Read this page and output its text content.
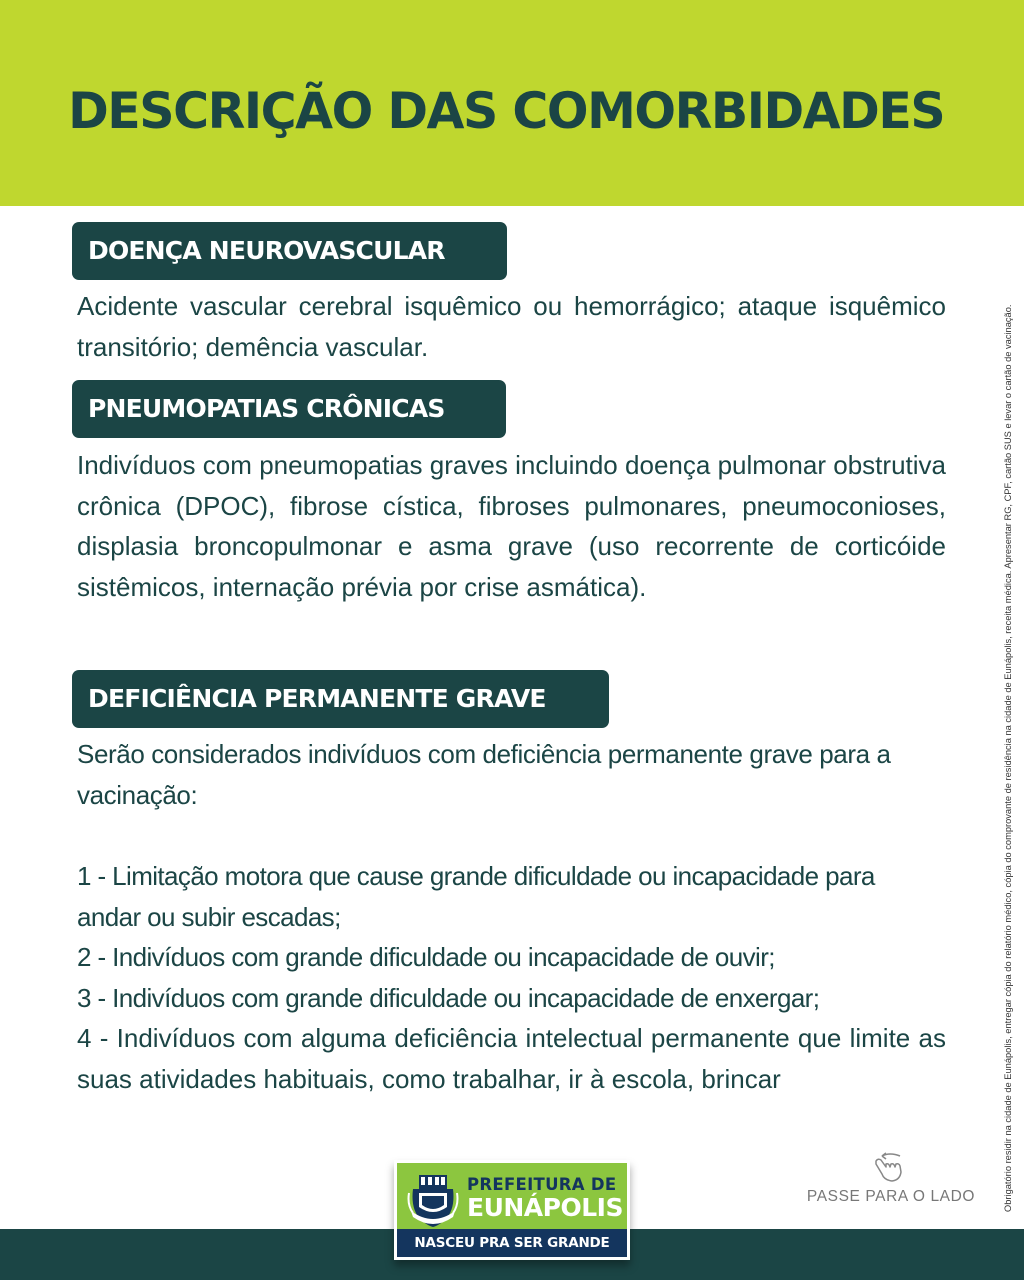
DESCRIÇÃO DAS COMORBIDADES
Obrigatório residir na cidade de Eunápolis, entregar cópia do relatório médico, cópia do comprovante de residência na cidade de Eunápolis, receita médica. Apresentar RG, CPF, cartão SUS e levar o cartão de vacinação.
DOENÇA NEUROVASCULAR
Acidente vascular cerebral isquêmico ou hemorrágico; ataque isquêmico transitório; demência vascular.
PNEUMOPATIAS CRÔNICAS
Indivíduos com pneumopatias graves incluindo doença pulmonar obstrutiva crônica (DPOC), fibrose cística, fibroses pulmonares, pneumoconioses, displasia broncopulmonar e asma grave (uso recorrente de corticóide sistêmicos, internação prévia por crise asmática).
DEFICIÊNCIA PERMANENTE GRAVE
Serão considerados indivíduos com deficiência permanente grave para a vacinação:
1 - Limitação motora que cause grande dificuldade ou incapacidade para andar ou subir escadas;
2 - Indivíduos com grande dificuldade ou incapacidade de ouvir;
3 - Indivíduos com grande dificuldade ou incapacidade de enxergar;
4 - Indivíduos com alguma deficiência intelectual permanente que limite as suas atividades habituais, como trabalhar, ir à escola, brincar
PREFEITURA DE
EUNÁPOLIS
NASCEU PRA SER GRANDE
PASSE PARA O LADO
